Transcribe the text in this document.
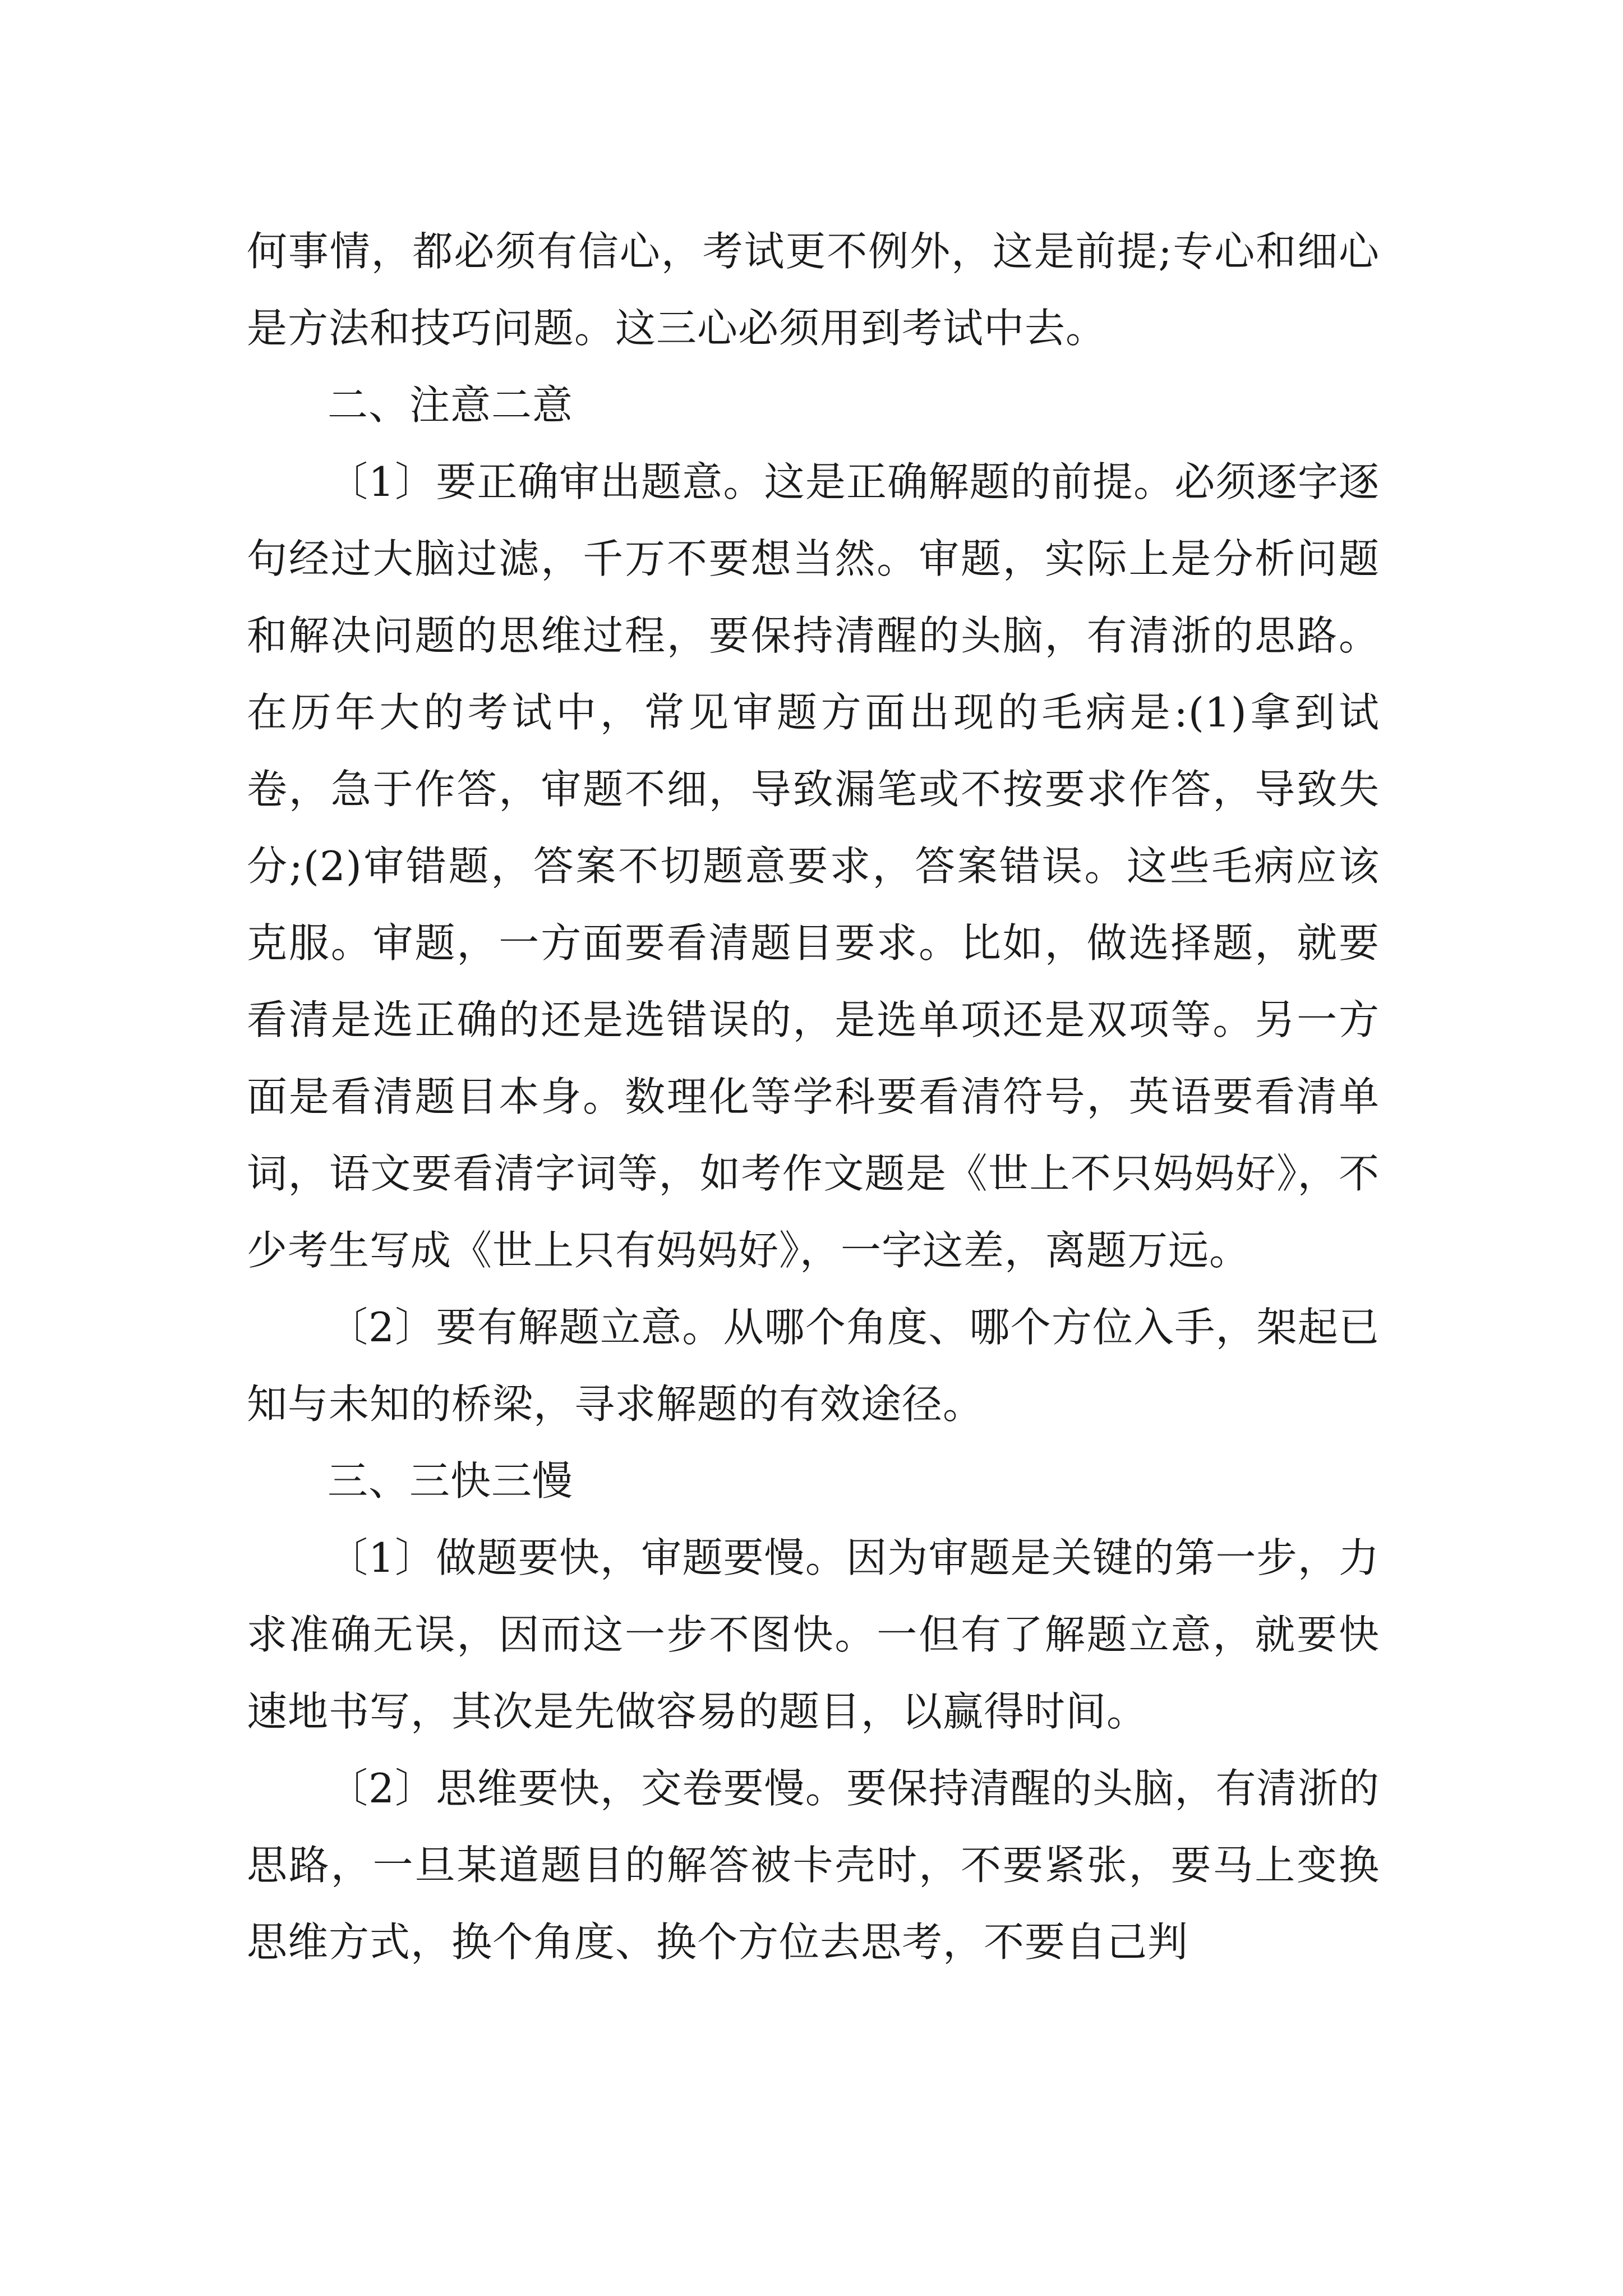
何事情，都必须有信心，考试更不例外，这是前提;专心和细心是方法和技巧问题。这三心必须用到考试中去。

二、注意二意

〔1〕要正确审出题意。这是正确解题的前提。必须逐字逐句经过大脑过滤，千万不要想当然。审题，实际上是分析问题和解决问题的思维过程，要保持清醒的头脑，有清浙的思路。在历年大的考试中，常见审题方面出现的毛病是:(1)拿到试卷，急于作答，审题不细，导致漏笔或不按要求作答，导致失分;(2)审错题，答案不切题意要求，答案错误。这些毛病应该克服。审题，一方面要看清题目要求。比如，做选择题，就要看清是选正确的还是选错误的，是选单项还是双项等。另一方面是看清题目本身。数理化等学科要看清符号，英语要看清单词，语文要看清字词等，如考作文题是《世上不只妈妈好》，不少考生写成《世上只有妈妈好》，一字这差，离题万远。

〔2〕要有解题立意。从哪个角度、哪个方位入手，架起已知与未知的桥梁，寻求解题的有效途径。

三、三快三慢

〔1〕做题要快，审题要慢。因为审题是关键的第一步，力求准确无误，因而这一步不图快。一但有了解题立意，就要快速地书写，其次是先做容易的题目，以赢得时间。

〔2〕思维要快，交卷要慢。要保持清醒的头脑，有清浙的思路，一旦某道题目的解答被卡壳时，不要紧张，要马上变换思维方式，换个角度、换个方位去思考，不要自己判
